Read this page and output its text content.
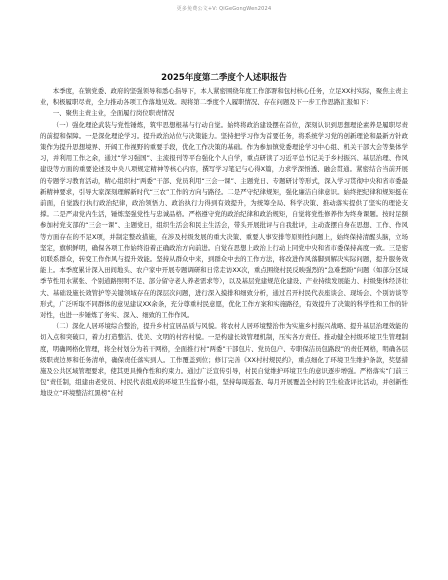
更多免费公文+V: QiGeGongWen2024
2025年度第二季度个人述职报告

本季度，在镇党委、政府的坚强领导和悉心指导下，本人紧密围绕年度工作部署和包村核心任务，立足XX村实际，聚焦主责主业，积极履职尽责，全力推动各项工作落地见效。现将第二季度个人履职情况、存在问题及下一步工作思路汇报如下：

一、聚焦主责主业，全面履行岗位职责情况

（一）强化理论武装与党性锤炼，筑牢思想根基与行动自觉。始终将政治建设摆在首位，深刻认识到思想理论素养是履职尽责的前提和保障。一是深化理论学习。提升政治站位与决策能力。坚持把学习作为首要任务，将系统学习党的创新理论和最新方针政策作为提升思想境界、开阔工作视野的重要手段，优化工作决策的基础。作为参加镇党委理论学习中心组、机关干部大会等集体学习，并利用工作之余，通过“学习强国”、主流报刊等平台强化个人自学，重点研读了习近平总书记关于乡村振兴、基层治理、作风建设等方面的重要论述及中央八项规定精神等核心内容，撰写学习笔记与心得X篇，力求学深悟透、融会贯通。紧密结合当前开展的专题学习教育活动，精心组织村“两委”干部、党员利用“三会一课”、主题党日、专题研讨等形式，深入学习贯彻中央和省市委最新精神要求，引导大家深刻理解新时代“三农”工作的方向与路径。二是严守纪律规矩，强化廉洁自律意识。始终把纪律和规矩挺在前面，自觉践行执行政治纪律，政治领悟力、政治执行力得到有效提升，为统筹全局、科学决策、推动落实提供了坚实的理论支撑。二是严肃党内生活，锤炼坚强党性与忠诚品格。严格遵守党的政治纪律和政治规矩，自觉将党性修养作为终身课题。按时足额参加村党支部的“三会一课”、主题党日，组织生活会和民主生活会，带头开展批评与自我批评，主动查摆自身在思想、工作、作风等方面存在的不足X项，并制定整改措施，在涉及村级发展的重大决策、重要人事安排等原则性问题上，始终保持清醒头脑，立场坚定，旗帜鲜明，确保各项工作始终沿着正确政治方向前进。自觉在思想上政治上行动上同党中央和省市委保持高度一致。三是密切联系群众，转变工作作风与提升效能。坚持从群众中来，到群众中去的工作方法，将改进作风落脚到解决实际问题，提升服务效能上。本季度累计深入田间地头、农户家中开展专题调研和日常走访XX次，重点围绕村民反映强烈的“急难愁盼”问题（如部分区域季节性用水紧张、个别道路照明不足、部分留守老人养老需求等），以及基层党建规范化建设、产业持续发展能力、村级集体经济壮大、基础设施长效管护等关键领域存在的深层次问题，进行深入摸排和细致分析，通过召开村民代表座谈会、现场会、个别访谈等形式，广泛听取不同群体的意见建议XX余条，充分尊重村民意愿，优化工作方案和实施路径，有效提升了决策的科学性和工作的针对性，也进一步锤炼了务实、深入、细致的工作作风。

（二）深化人居环境综合整治，提升乡村宜居品质与风貌。将农村人居环境整治作为实施乡村振兴战略、提升基层治理效能的切入点和突破口，着力打造整洁、优美、文明的村容村貌。一是构建长效管理机制，压实各方责任。推动健全村级环境卫生管理制度，明确网格化管理，将全村划分为若干网格，全面推行村“两委”干部包片、党员包户、专职保洁员包路段”的责任网格，明确各层级职责边界和任务清单，确保责任落实到人。工作覆盖到位；修订完善《XX村村规民约》，重点细化了环境卫生维护条款，奖惩措施及公共区域管理要求，使其更具操作性和约束力。通过广泛宣传引导，村民自觉维护环境卫生的意识逐步增强。严格落实“门前三包”责任制，组建由老党员、村民代表组成的环境卫生监督小组，坚持每周巡查、每月开展覆盖全村的卫生检查评比活动，并创新性地设立“环境整洁红黑榜”在村
